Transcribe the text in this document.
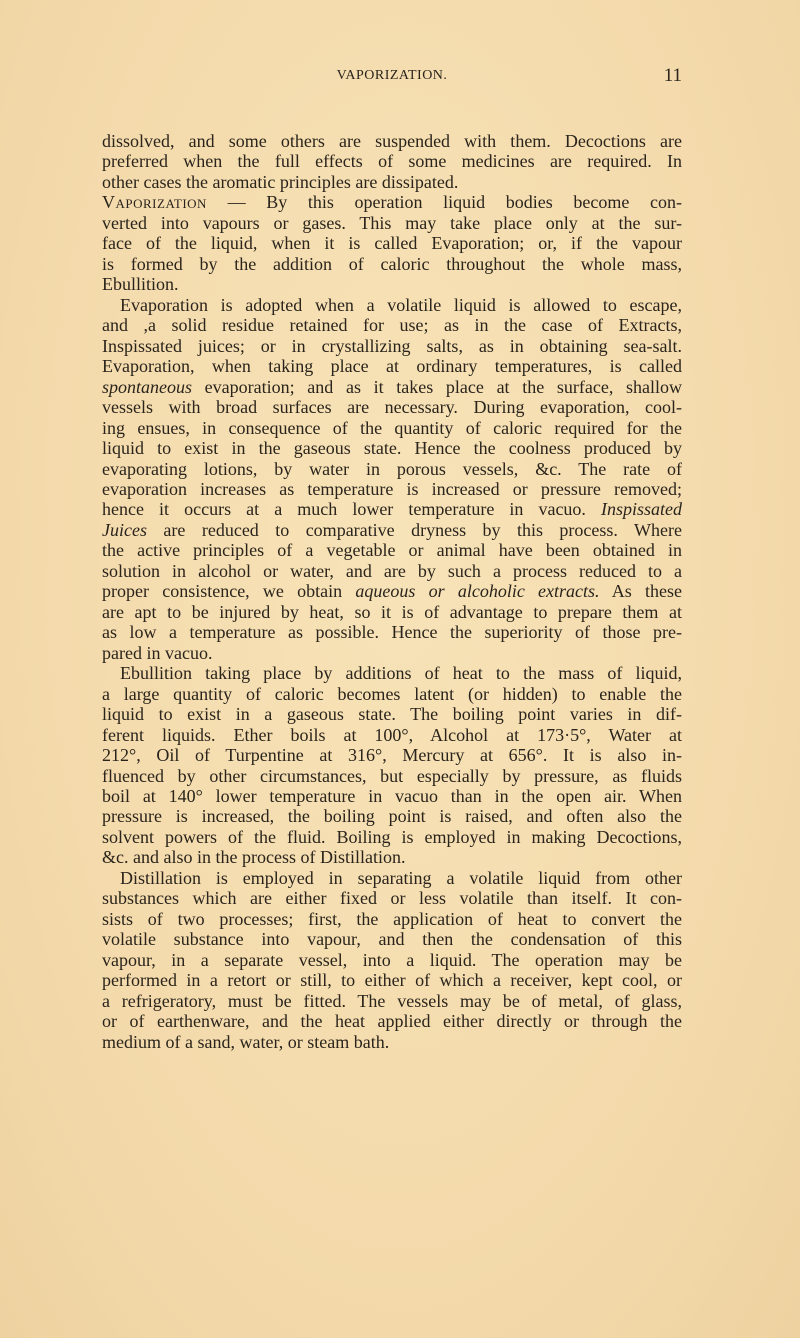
VAPORIZATION.	11
dissolved, and some others are suspended with them. Decoctions are
preferred when the full effects of some medicines are required. In
other cases the aromatic principles are dissipated.
Vaporization — By this operation liquid bodies become con-
verted into vapours or gases. This may take place only at the sur-
face of the liquid, when it is called Evaporation; or, if the vapour
is formed by the addition of caloric throughout the whole mass,
Ebullition.
Evaporation is adopted when a volatile liquid is allowed to escape,
and ,a solid residue retained for use; as in the case of Extracts,
Inspissated juices; or in crystallizing salts, as in obtaining sea-salt.
Evaporation, when taking place at ordinary temperatures, is called
spontaneous evaporation; and as it takes place at the surface, shallow
vessels with broad surfaces are necessary. During evaporation, cool-
ing ensues, in consequence of the quantity of caloric required for the
liquid to exist in the gaseous state. Hence the coolness produced by
evaporating lotions, by water in porous vessels, &c. The rate of
evaporation increases as temperature is increased or pressure removed;
hence it occurs at a much lower temperature in vacuo. Inspissated
Juices are reduced to comparative dryness by this process. Where
the active principles of a vegetable or animal have been obtained in
solution in alcohol or water, and are by such a process reduced to a
proper consistence, we obtain aqueous or alcoholic extracts. As these
are apt to be injured by heat, so it is of advantage to prepare them at
as low a temperature as possible. Hence the superiority of those pre-
pared in vacuo.
Ebullition taking place by additions of heat to the mass of liquid,
a large quantity of caloric becomes latent (or hidden) to enable the
liquid to exist in a gaseous state. The boiling point varies in dif-
ferent liquids. Ether boils at 100°, Alcohol at 173·5°, Water at
212°, Oil of Turpentine at 316°, Mercury at 656°. It is also in-
fluenced by other circumstances, but especially by pressure, as fluids
boil at 140° lower temperature in vacuo than in the open air. When
pressure is increased, the boiling point is raised, and often also the
solvent powers of the fluid. Boiling is employed in making Decoctions,
&c. and also in the process of Distillation.
Distillation is employed in separating a volatile liquid from other
substances which are either fixed or less volatile than itself. It con-
sists of two processes; first, the application of heat to convert the
volatile substance into vapour, and then the condensation of this
vapour, in a separate vessel, into a liquid. The operation may be
performed in a retort or still, to either of which a receiver, kept cool, or
a refrigeratory, must be fitted. The vessels may be of metal, of glass,
or of earthenware, and the heat applied either directly or through the
medium of a sand, water, or steam bath.
